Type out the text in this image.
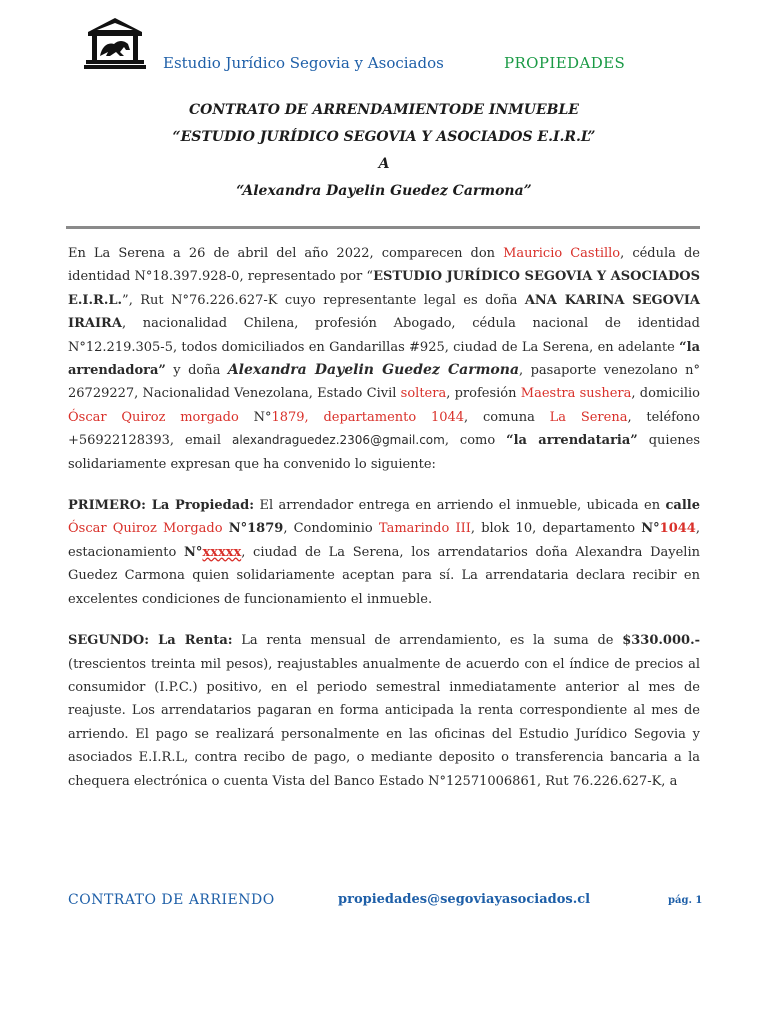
Estudio Jurídico Segovia y Asociados	PROPIEDADES
CONTRATO DE ARRENDAMIENTODE INMUEBLE
“ESTUDIO JURÍDICO SEGOVIA Y ASOCIADOS E.I.R.L”
A
“Alexandra Dayelin Guedez Carmona”

En La Serena a 26 de abril del año 2022, comparecen don Mauricio Castillo, cédula de identidad N°18.397.928-0, representado por “ESTUDIO JURÍDICO SEGOVIA Y ASOCIADOS E.I.R.L.”, Rut N°76.226.627-K cuyo representante legal es doña ANA KARINA SEGOVIA IRAIRA, nacionalidad Chilena, profesión Abogado, cédula nacional de identidad N°12.219.305-5, todos domiciliados en Gandarillas #925, ciudad de La Serena, en adelante “la arrendadora” y doña Alexandra Dayelin Guedez Carmona, pasaporte venezolano n° 26729227, Nacionalidad Venezolana, Estado Civil soltera, profesión Maestra sushera, domicilio Óscar Quiroz morgado N°1879, departamento 1044, comuna La Serena, teléfono +56922128393, email alexandraguedez.2306@gmail.com, como “la arrendataria” quienes solidariamente expresan que ha convenido lo siguiente:

PRIMERO: La Propiedad: El arrendador entrega en arriendo el inmueble, ubicada en calle Óscar Quiroz Morgado N°1879, Condominio Tamarindo III, blok 10, departamento N°1044, estacionamiento N°xxxxx, ciudad de La Serena, los arrendatarios doña Alexandra Dayelin Guedez Carmona quien solidariamente aceptan para sí. La arrendataria declara recibir en excelentes condiciones de funcionamiento el inmueble.

SEGUNDO: La Renta: La renta mensual de arrendamiento, es la suma de $330.000.- (trescientos treinta mil pesos), reajustables anualmente de acuerdo con el índice de precios al consumidor (I.P.C.) positivo, en el periodo semestral inmediatamente anterior al mes de reajuste. Los arrendatarios pagaran en forma anticipada la renta correspondiente al mes de arriendo. El pago se realizará personalmente en las oficinas del Estudio Jurídico Segovia y asociados E.I.R.L, contra recibo de pago, o mediante deposito o transferencia bancaria a la chequera electrónica o cuenta Vista del Banco Estado N°12571006861, Rut 76.226.627-K, a

CONTRATO DE ARRIENDO	propiedades@segoviayasociados.cl	pág. 1
